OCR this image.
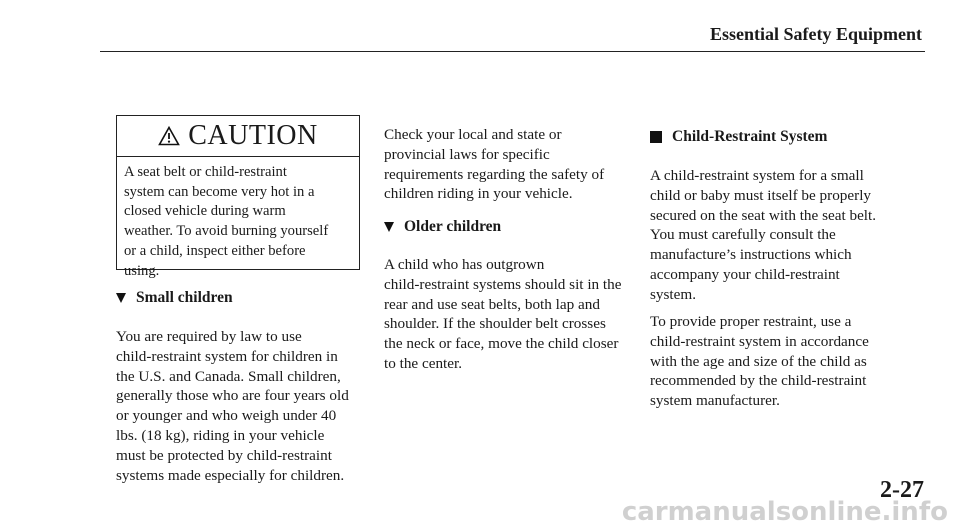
Essential Safety Equipment
CAUTION
A seat belt or child-restraint
system can become very hot in a
closed vehicle during warm
weather. To avoid burning yourself
or a child, inspect either before
using.
Small children
You are required by law to use
child-restraint system for children in
the U.S. and Canada. Small children,
generally those who are four years old
or younger and who weigh under 40
lbs. (18 kg), riding in your vehicle
must be protected by child-restraint
systems made especially for children.
Check your local and state or
provincial laws for specific
requirements regarding the safety of
children riding in your vehicle.
Older children
A child who has outgrown
child-restraint systems should sit in the
rear and use seat belts, both lap and
shoulder. If the shoulder belt crosses
the neck or face, move the child closer
to the center.
Child-Restraint System
A child-restraint system for a small
child or baby must itself be properly
secured on the seat with the seat belt.
You must carefully consult the
manufacture’s instructions which
accompany your child-restraint
system.
To provide proper restraint, use a
child-restraint system in accordance
with the age and size of the child as
recommended by the child-restraint
system manufacturer.
2-27
carmanualsonline.info
